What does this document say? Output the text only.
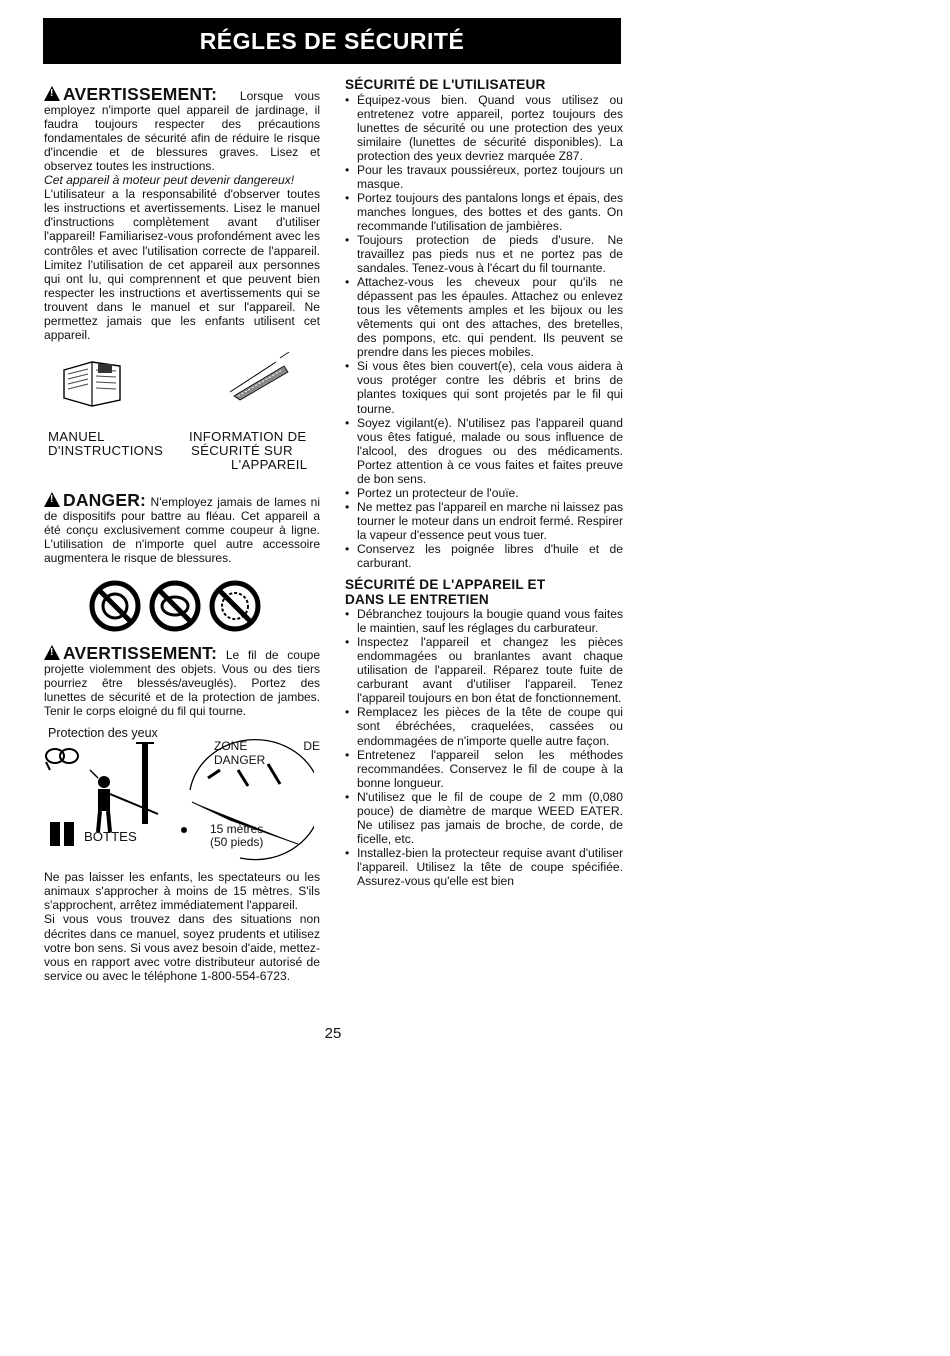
RÉGLES DE SÉCURITÉ

!AVERTISSEMENT: Lorsque vous employez n'importe quel appareil de jardinage, il faudra toujours respecter des précautions fondamentales de sécurité afin de réduire le risque d'incendie et de blessures graves. Lisez et observez toutes les instructions.

Cet appareil à moteur peut devenir dangereux!

L'utilisateur a la responsabilité d'observer toutes les instructions et avertissements. Lisez le manuel d'instructions complètement avant d'utiliser l'appareil! Familiarisez-vous profondément avec les contrôles et avec l'utilisation correcte de l'appareil. Limitez l'utilisation de cet appareil aux personnes qui ont lu, qui comprennent et que peuvent bien respecter les instructions et avertissements qui se trouvent dans le manuel et sur l'appareil. Ne permettez jamais que les enfants utilisent cet appareil.

MANUEL
D'INSTRUCTIONS
INFORMATION DE
SÉCURITÉ SUR
L'APPAREIL

!DANGER: N'employez jamais de lames ni de dispositifs pour battre au fléau. Cet appareil a été conçu exclusivement comme coupeur à ligne. L'utilisation de n'importe quel autre accessoire augmentera le risque de blessures.

!AVERTISSEMENT: Le fil de coupe projette violemment des objets. Vous ou des tiers pourriez être blessés/aveuglés). Portez des lunettes de sécurité et de la protection de jambes. Tenir le corps eloigné du fil qui tourne.

Protection des yeux
BOTTES
ZONE DE DANGER
15 mètres
(50 pieds)

Ne pas laisser les enfants, les spectateurs ou les animaux s'approcher à moins de 15 mètres. S'ils s'approchent, arrêtez immédiatement l'appareil.

Si vous vous trouvez dans des situations non décrites dans ce manuel, soyez prudents et utilisez votre bon sens. Si vous avez besoin d'aide, mettez-vous en rapport avec votre distributeur autorisé de service ou avec le téléphone 1-800-554-6723.

SÉCURITÉ DE L'UTILISATEUR
• Équipez-vous bien. Quand vous utilisez ou entretenez votre appareil, portez toujours des lunettes de sécurité ou une protection des yeux similaire (lunettes de sécurité disponibles). La protection des yeux devriez marquée Z87.
• Pour les travaux poussiéreux, portez toujours un masque.
• Portez toujours des pantalons longs et épais, des manches longues, des bottes et des gants. On recommande l'utilisation de jambières.
• Toujours protection de pieds d'usure. Ne travaillez pas pieds nus et ne portez pas de sandales. Tenez-vous à l'écart du fil tournante.
• Attachez-vous les cheveux pour qu'ils ne dépassent pas les épaules. Attachez ou enlevez tous les vêtements amples et les bijoux ou les vêtements qui ont des attaches, des bretelles, des pompons, etc. qui pendent. Ils peuvent se prendre dans les pieces mobiles.
• Si vous êtes bien couvert(e), cela vous aidera à vous protéger contre les débris et brins de plantes toxiques qui sont projetés par le fil qui tourne.
• Soyez vigilant(e). N'utilisez pas l'appareil quand vous êtes fatigué, malade ou sous influence de l'alcool, des drogues ou des médicaments. Portez attention à ce vous faites et faites preuve de bon sens.
• Portez un protecteur de l'ouïe.
• Ne mettez pas l'appareil en marche ni laissez pas tourner le moteur dans un endroit fermé. Respirer la vapeur d'essence peut vous tuer.
• Conservez les poignée libres d'huile et de carburant.
SÉCURITÉ DE L'APPAREIL ET
DANS LE ENTRETIEN
• Débranchez toujours la bougie quand vous faites le maintien, sauf les réglages du carburateur.
• Inspectez l'appareil et changez les pièces endommagées ou branlantes avant chaque utilisation de l'appareil. Réparez toute fuite de carburant avant d'utiliser l'appareil. Tenez l'appareil toujours en bon état de fonctionnement.
• Remplacez les pièces de la tête de coupe qui sont ébréchées, craquelées, cassées ou endommagées de n'importe quelle autre façon.
• Entretenez l'appareil selon les méthodes recommandées. Conservez le fil de coupe à la bonne longueur.
• N'utilisez que le fil de coupe de 2 mm (0,080 pouce) de diamètre de marque WEED EATER. Ne utilisez pas jamais de broche, de corde, de ficelle, etc.
• Installez-bien la protecteur requise avant d'utiliser l'appareil. Utilisez la tête de coupe spécifiée. Assurez-vous qu'elle est bien
25
